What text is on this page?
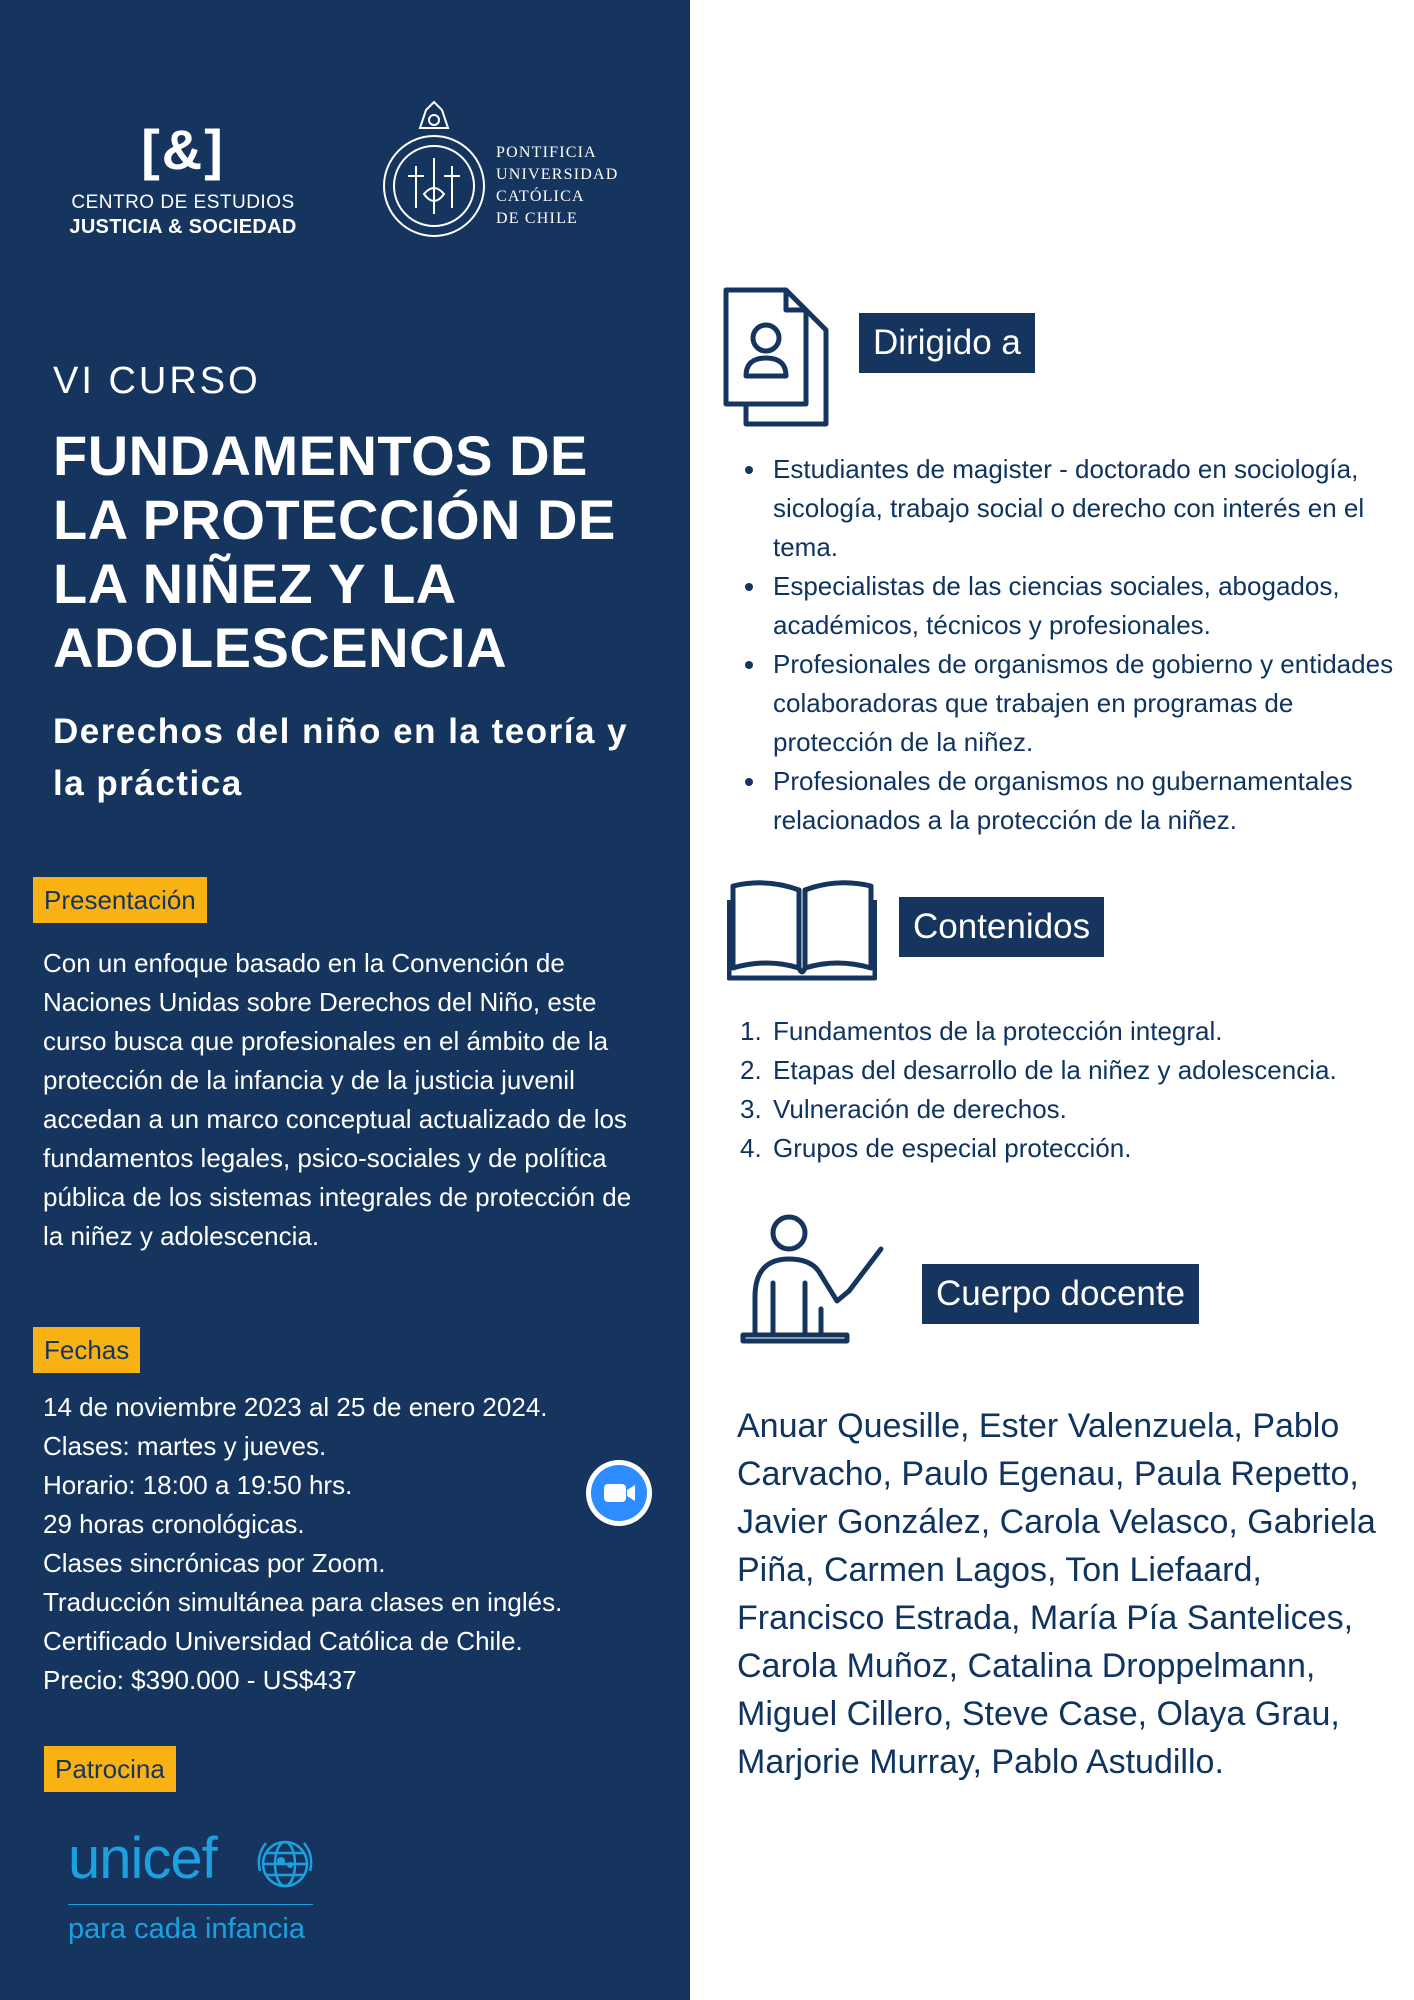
[&]
CENTRO DE ESTUDIOS
JUSTICIA & SOCIEDAD
PONTIFICIA
UNIVERSIDAD
CATÓLICA
DE CHILE
VI CURSO
FUNDAMENTOS DE LA PROTECCIÓN DE LA NIÑEZ Y LA ADOLESCENCIA
Derechos del niño en la teoría y la práctica
Presentación

Con un enfoque basado en la Convención de Naciones Unidas sobre Derechos del Niño, este curso busca que profesionales en el ámbito de la protección de la infancia y de la justicia juvenil accedan a un marco conceptual actualizado de los fundamentos legales, psico-sociales y de política pública de los sistemas integrales de protección de la niñez y adolescencia.

Fechas
14 de noviembre 2023 al 25 de enero 2024.
Clases: martes y jueves.
Horario: 18:00 a 19:50 hrs.
29 horas cronológicas.
Clases sincrónicas por Zoom.
Traducción simultánea para clases en inglés.
Certificado Universidad Católica de Chile.
Precio: $390.000 - US$437
Patrocina
unicef
para cada infancia
Dirigido a
Estudiantes de magister - doctorado en sociología, sicología, trabajo social o derecho con interés en el tema.
Especialistas de las ciencias sociales, abogados, académicos, técnicos y profesionales.
Profesionales de organismos de gobierno y entidades colaboradoras que trabajen en programas de protección de la niñez.
Profesionales de organismos no gubernamentales relacionados a la protección de la niñez.
Contenidos
1. Fundamentos de la protección integral.
2. Etapas del desarrollo de la niñez y adolescencia.
3. Vulneración de derechos.
4. Grupos de especial protección.
Cuerpo docente

Anuar Quesille, Ester Valenzuela, Pablo Carvacho, Paulo Egenau, Paula Repetto, Javier González, Carola Velasco, Gabriela Piña, Carmen Lagos, Ton Liefaard, Francisco Estrada, María Pía Santelices, Carola Muñoz, Catalina Droppelmann, Miguel Cillero, Steve Case, Olaya Grau, Marjorie Murray, Pablo Astudillo.
